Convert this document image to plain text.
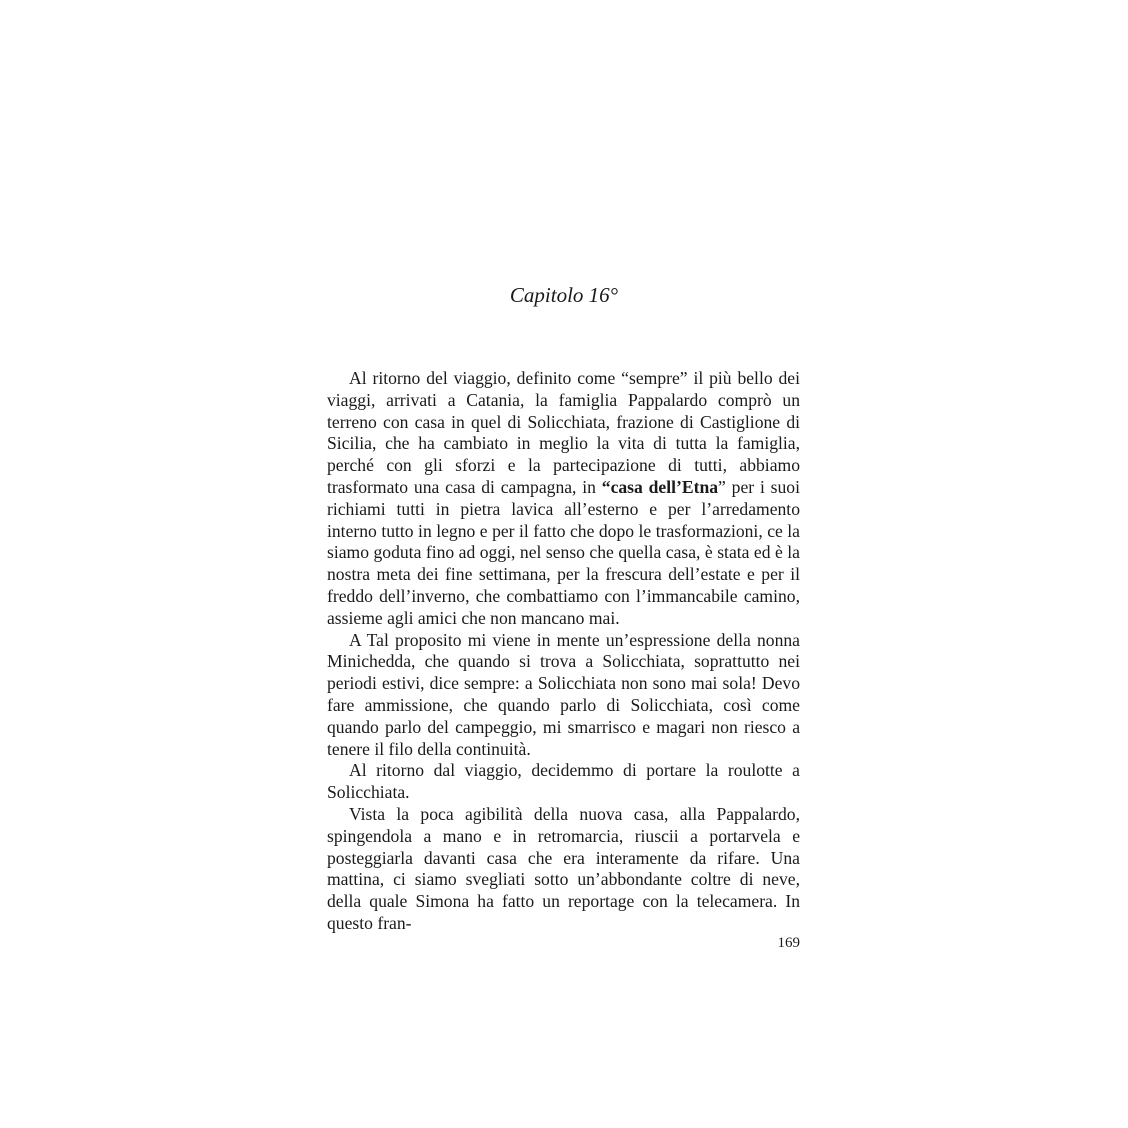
Capitolo 16°

Al ritorno del viaggio, definito come “sempre” il più bello dei viaggi, arrivati a Catania, la famiglia Pappalardo comprò un terreno con casa in quel di Solicchiata, frazione di Castiglione di Sicilia, che ha cambiato in meglio la vita di tutta la famiglia, perché con gli sforzi e la partecipazione di tutti, abbiamo trasformato una casa di campagna, in “casa dell’Etna” per i suoi richiami tutti in pietra lavica all’esterno e per l’arredamento interno tutto in legno e per il fatto che dopo le trasformazioni, ce la siamo goduta fino ad oggi, nel senso che quella casa, è stata ed è la nostra meta dei fine settimana, per la frescura dell’estate e per il freddo dell’inverno, che combattiamo con l’immancabile camino, assieme agli amici che non mancano mai.

A Tal proposito mi viene in mente un’espressione della nonna Minichedda, che quando si trova a Solicchiata, soprattutto nei periodi estivi, dice sempre: a Solicchiata non sono mai sola! Devo fare ammissione, che quando parlo di Solicchiata, così come quando parlo del campeggio, mi smarrisco e magari non riesco a tenere il filo della continuità.

Al ritorno dal viaggio, decidemmo di portare la roulotte a Solicchiata.

Vista la poca agibilità della nuova casa, alla Pappalardo, spingendola a mano e in retromarcia, riuscii a portarvela e posteggiarla davanti casa che era interamente da rifare. Una mattina, ci siamo svegliati sotto un’abbondante coltre di neve, della quale Simona ha fatto un reportage con la telecamera. In questo fran-

169
